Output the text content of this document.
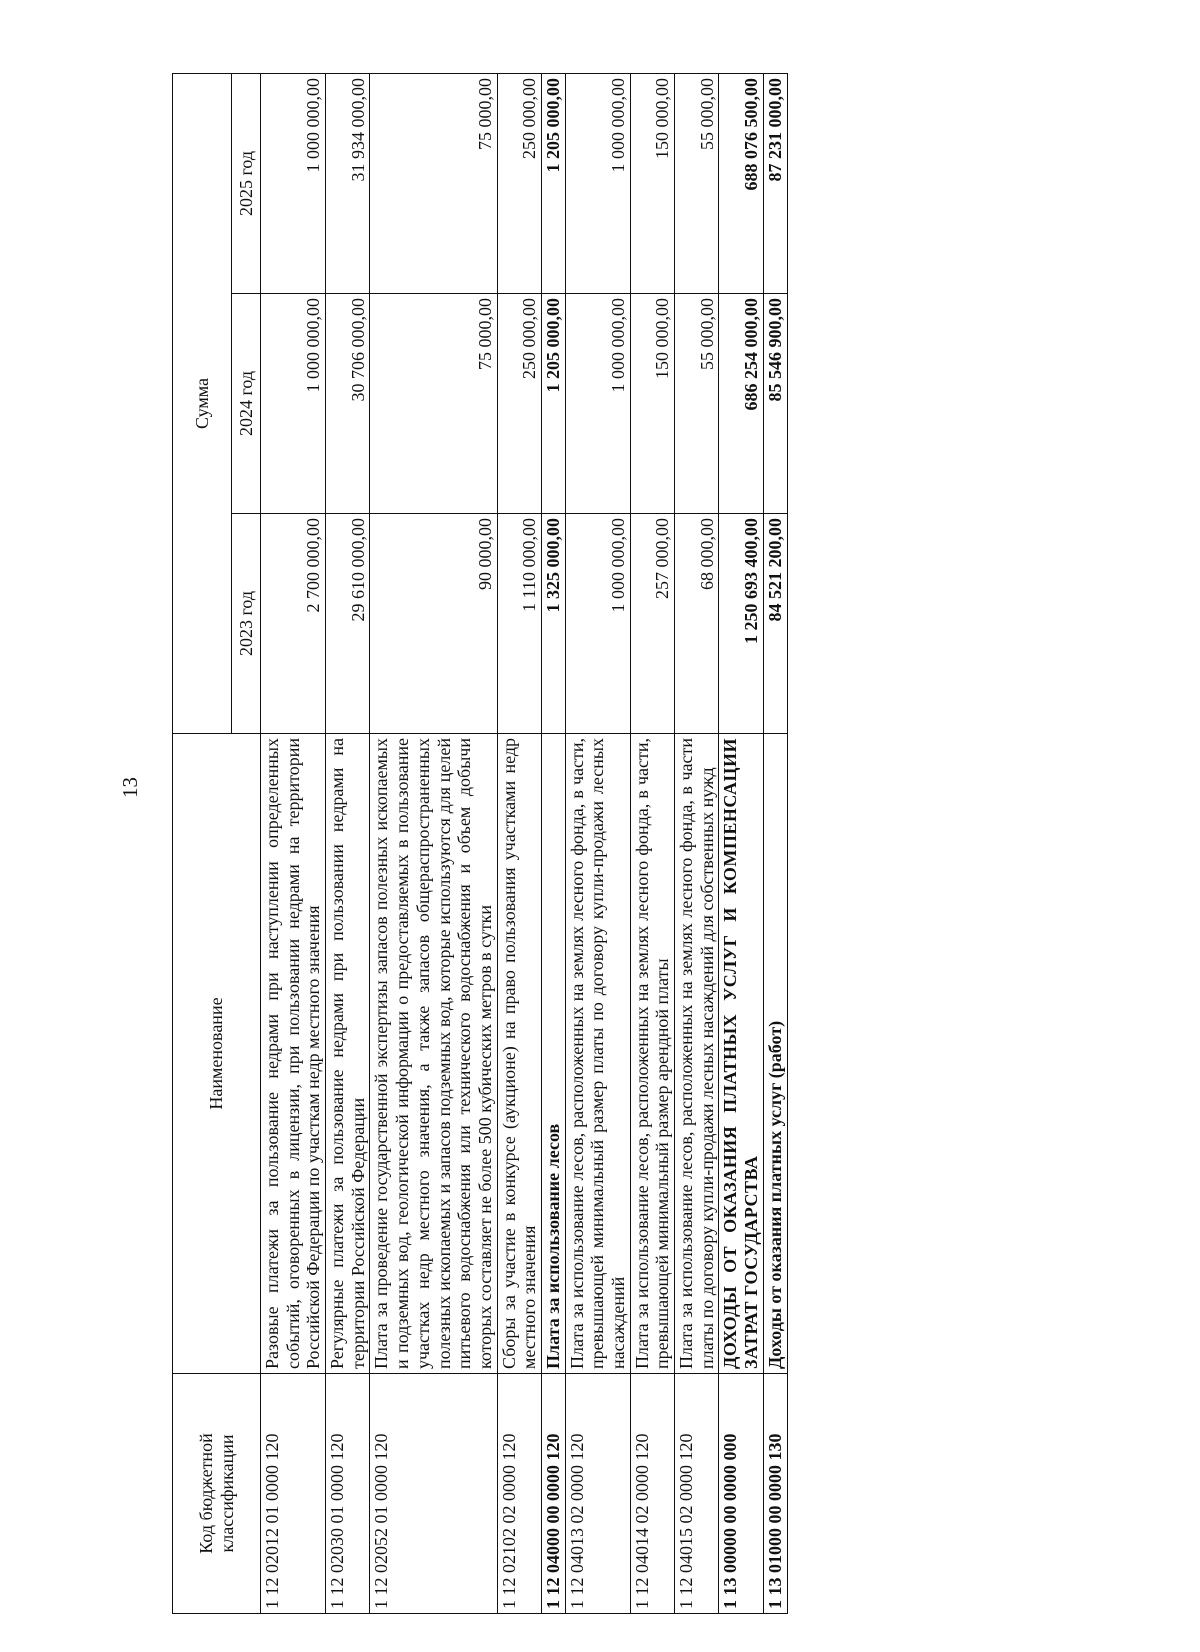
13
Код бюджетной классификации	Наименование	Сумма		
		2023 год	2024 год	2025 год
1 12 02012 01 0000 120	Разовые платежи за пользование недрами при наступлении определенных событий, оговоренных в лицензии, при пользовании недрами на территории Российской Федерации по участкам недр местного значения	2 700 000,00	1 000 000,00	1 000 000,00
1 12 02030 01 0000 120	Регулярные платежи за пользование недрами при пользовании недрами на территории Российской Федерации	29 610 000,00	30 706 000,00	31 934 000,00
1 12 02052 01 0000 120	Плата за проведение государственной экспертизы запасов полезных ископаемых и подземных вод, геологической информации о предоставляемых в пользование участках недр местного значения, а также запасов общераспространенных полезных ископаемых и запасов подземных вод, которые используются для целей питьевого водоснабжения или технического водоснабжения и объем добычи которых составляет не более 500 кубических метров в сутки	90 000,00	75 000,00	75 000,00
1 12 02102 02 0000 120	Сборы за участие в конкурсе (аукционе) на право пользования участками недр местного значения	1 110 000,00	250 000,00	250 000,00
1 12 04000 00 0000 120	Плата за использование лесов	1 325 000,00	1 205 000,00	1 205 000,00
1 12 04013 02 0000 120	Плата за использование лесов, расположенных на землях лесного фонда, в части, превышающей минимальный размер платы по договору купли-продажи лесных насаждений	1 000 000,00	1 000 000,00	1 000 000,00
1 12 04014 02 0000 120	Плата за использование лесов, расположенных на землях лесного фонда, в части, превышающей минимальный размер арендной платы	257 000,00	150 000,00	150 000,00
1 12 04015 02 0000 120	Плата за использование лесов, расположенных на землях лесного фонда, в части платы по договору купли-продажи лесных насаждений для собственных нужд	68 000,00	55 000,00	55 000,00
1 13 00000 00 0000 000	ДОХОДЫ ОТ ОКАЗАНИЯ ПЛАТНЫХ УСЛУГ И КОМПЕНСАЦИИ ЗАТРАТ ГОСУДАРСТВА	1 250 693 400,00	686 254 000,00	688 076 500,00
1 13 01000 00 0000 130	Доходы от оказания платных услуг (работ)	84 521 200,00	85 546 900,00	87 231 000,00
